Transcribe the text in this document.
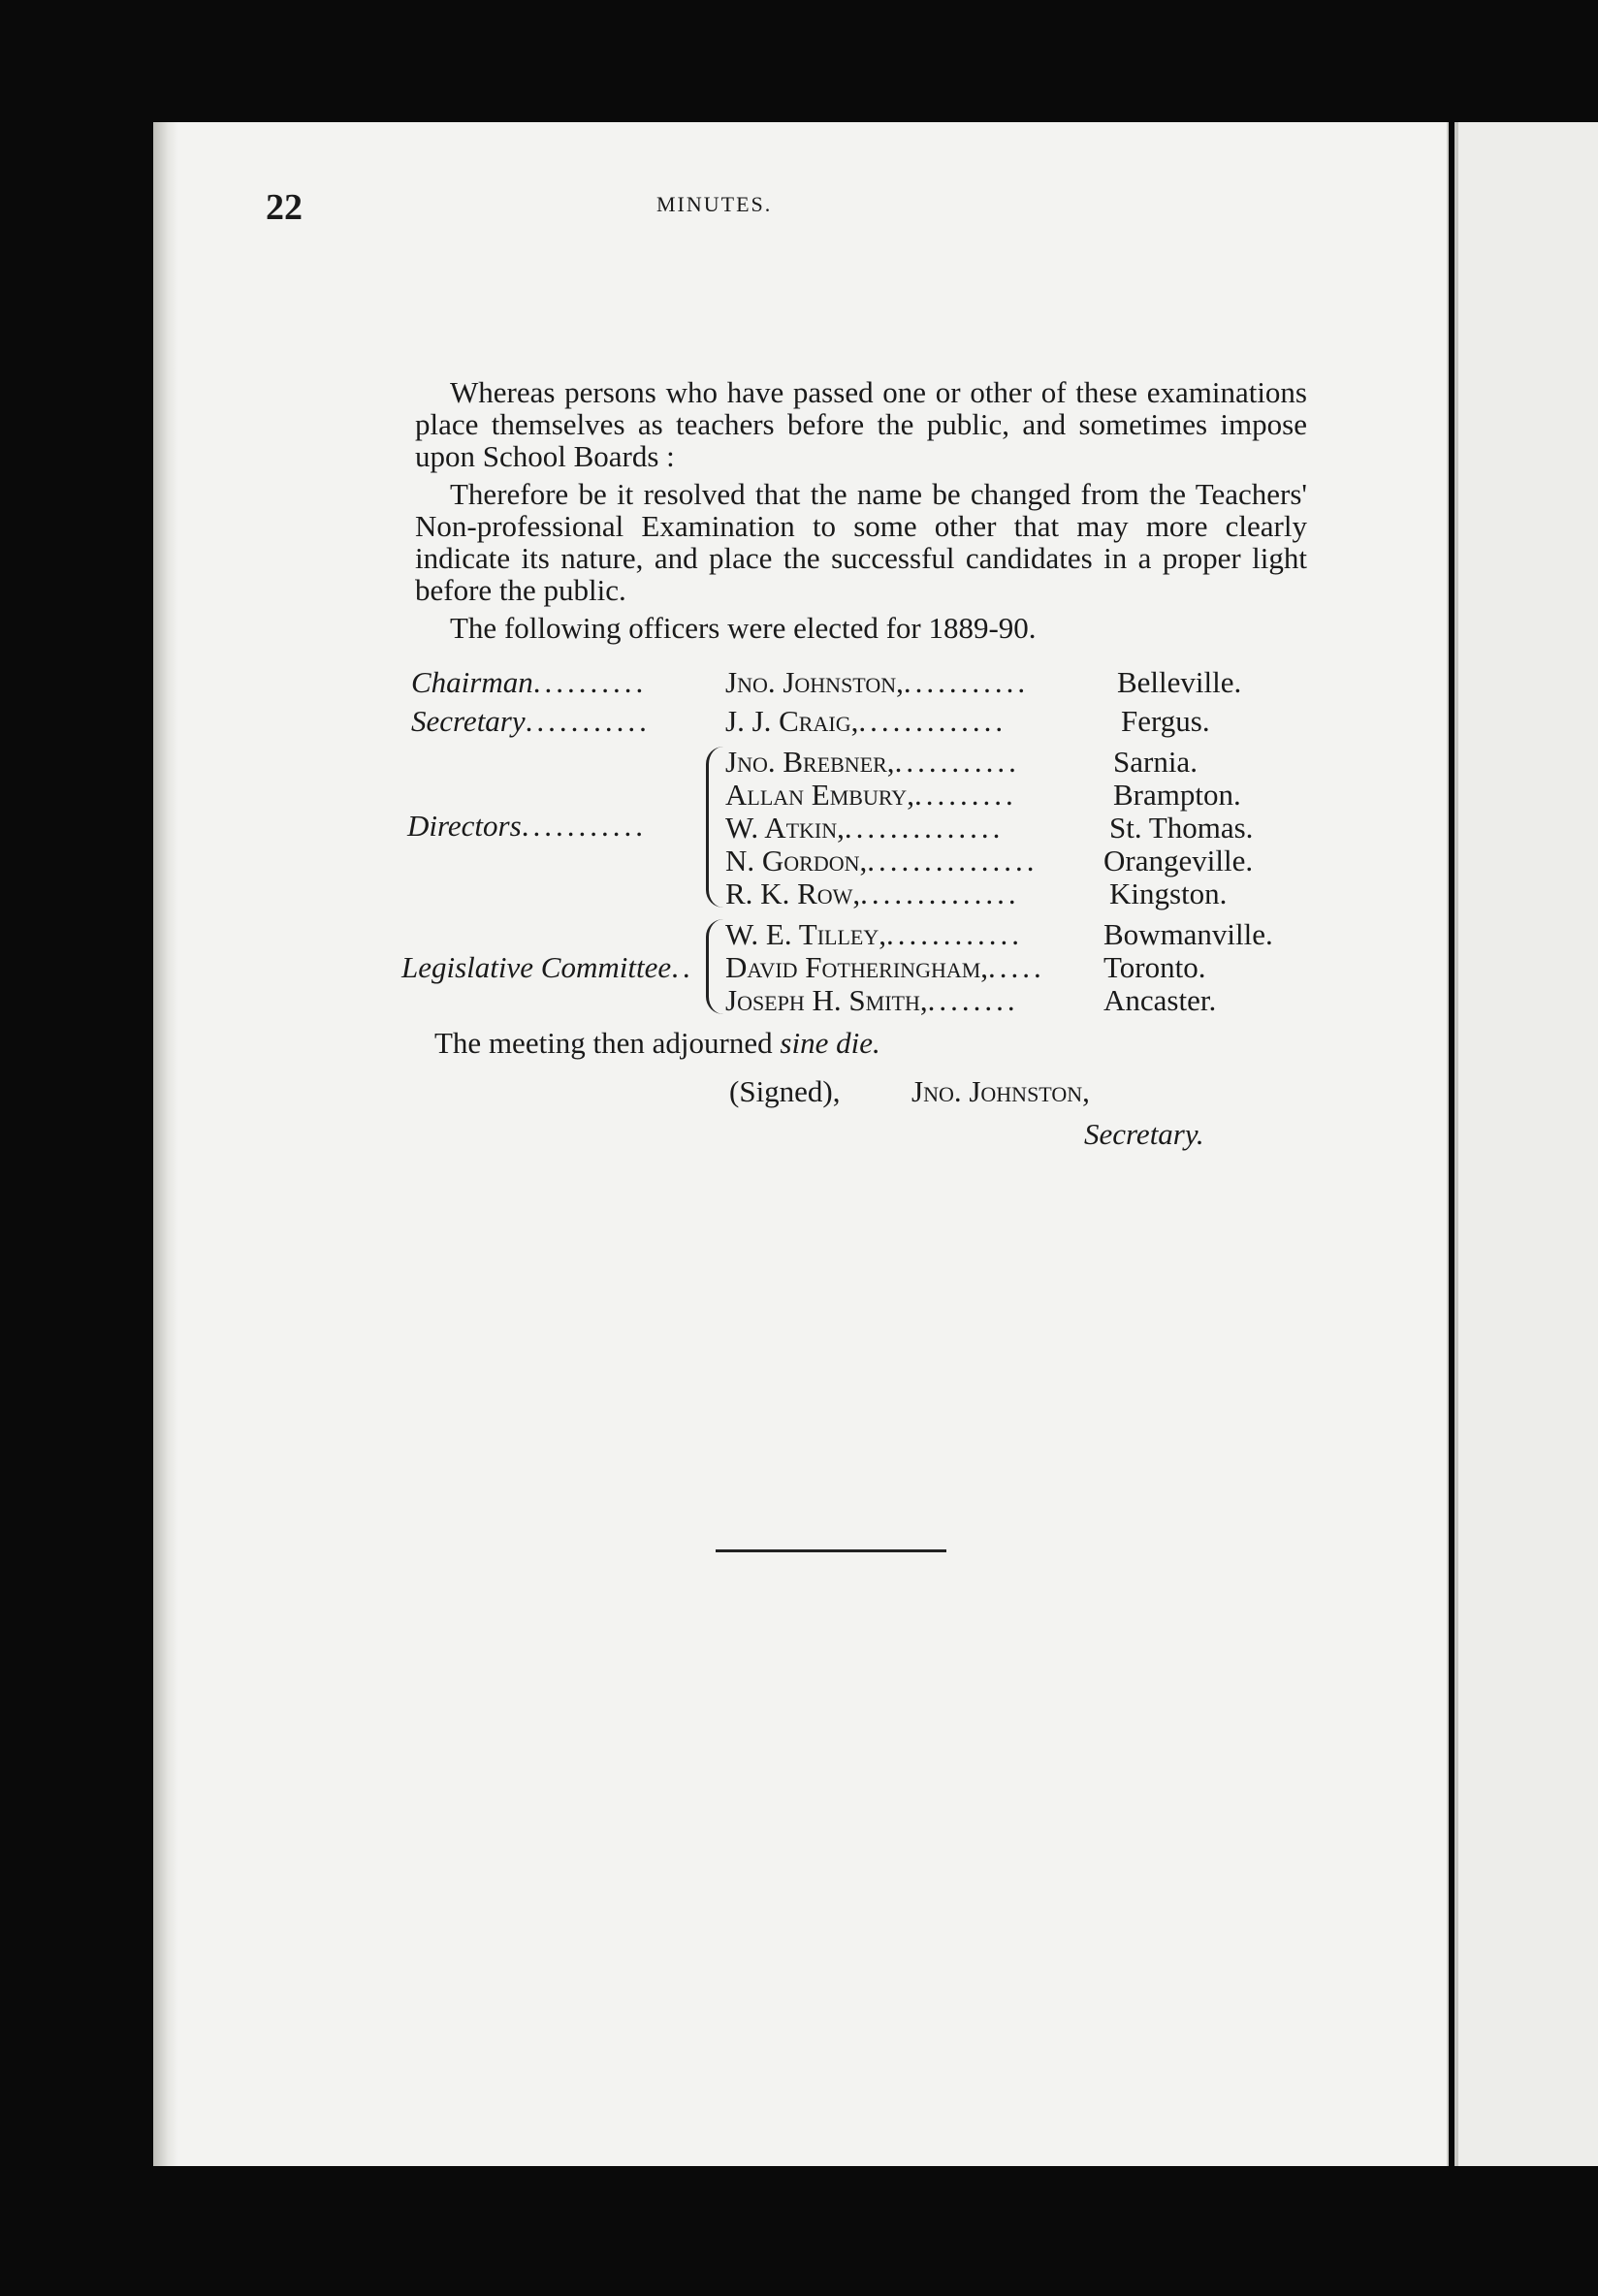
22	MINUTES.

Whereas persons who have passed one or other of these examinations place themselves as teachers before the public, and sometimes impose upon School Boards :

Therefore be it resolved that the name be changed from the Teachers' Non-professional Examination to some other that may more clearly indicate its nature, and place the successful candidates in a proper light before the public.

The following officers were elected for 1889-90.

Chairman..........	Jno. Johnston,...........	Belleville.
Secretary........... J. J. Craig,.............	Fergus.
Directors...........
Jno. Brebner,...........	Sarnia.
Allan Embury,.........	Brampton.
W. Atkin,..............	St. Thomas.
N. Gordon,............... Orangeville.
R. K. Row,..............	Kingston.
Legislative Committee..
W. E. Tilley,............	Bowmanville.
David Fotheringham,..... Toronto.
Joseph H. Smith,........	Ancaster.
The meeting then adjourned sine die.
(Signed), Jno. Johnston,
Secretary.
